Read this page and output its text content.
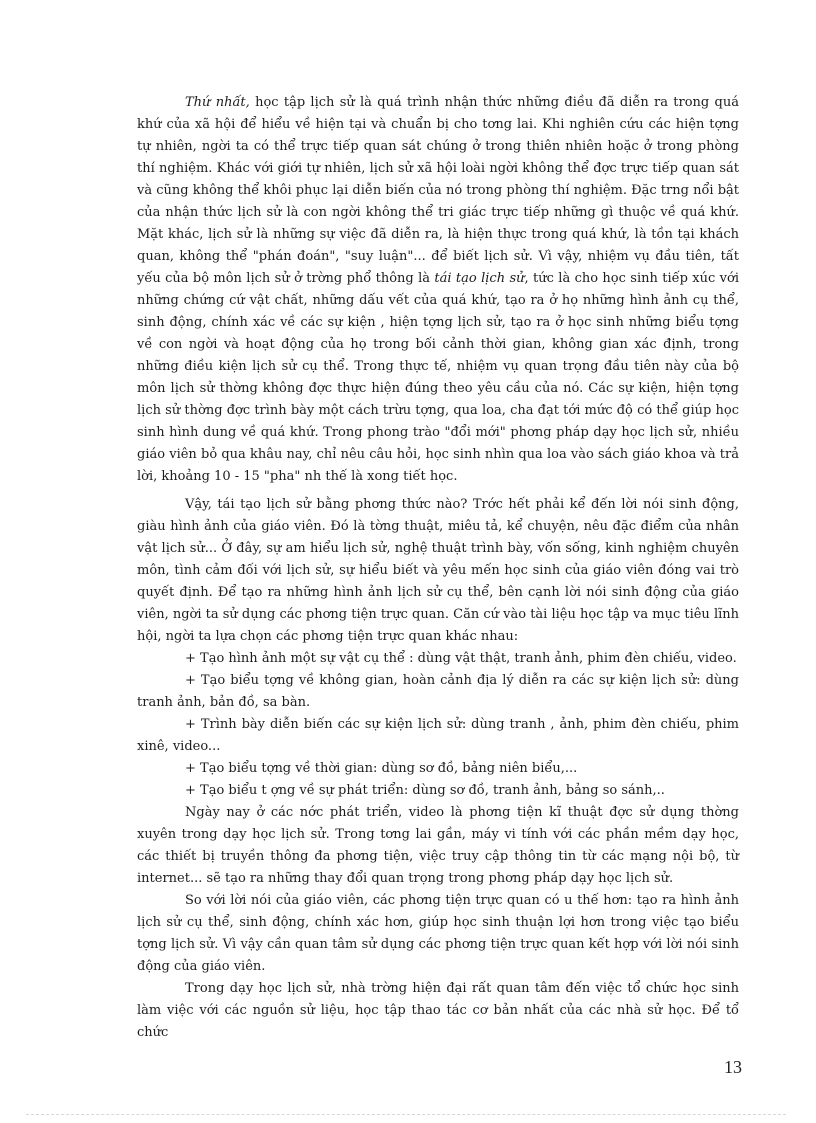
Thứ nhất, học tập lịch sử là quá trình nhận thức những điều đã diễn ra trong quá khứ của xã hội để hiểu về hiện tại và chuẩn bị cho tơng lai. Khi nghiên cứu các hiện tợng tự nhiên, ngời ta có thể trực tiếp quan sát chúng ở trong thiên nhiên hoặc ở trong phòng thí nghiệm. Khác với giới tự nhiên, lịch sử xã hội loài ngời không thể đợc trực tiếp quan sát và cũng không thể khôi phục lại diễn biến của nó trong phòng thí nghiệm. Đặc trng nổi bật của nhận thức lịch sử là con ngời không thể tri giác trực tiếp những gì thuộc về quá khứ. Mặt khác, lịch sử là những sự việc đã diễn ra, là hiện thực trong quá khứ, là tồn tại khách quan, không thể "phán đoán", "suy luận"... để biết lịch sử. Vì vậy, nhiệm vụ đầu tiên, tất yếu của bộ môn lịch sử ở trờng phổ thông là tái tạo lịch sử, tức là cho học sinh tiếp xúc với những chứng cứ vật chất, những dấu vết của quá khứ, tạo ra ở họ những hình ảnh cụ thể, sinh động, chính xác về các sự kiện , hiện tợng lịch sử, tạo ra ở học sinh những biểu tợng về con ngời và hoạt động của họ trong bối cảnh thời gian, không gian xác định, trong những điều kiện lịch sử cụ thể. Trong thực tế, nhiệm vụ quan trọng đầu tiên này của bộ môn lịch sử thờng không đợc thực hiện đúng theo yêu cầu của nó. Các sự kiện, hiện tợng lịch sử thờng đợc trình bày một cách trừu tợng, qua loa, cha đạt tới mức độ có thể giúp học sinh hình dung về quá khứ. Trong phong trào "đổi mới" phơng pháp dạy học lịch sử, nhiều giáo viên bỏ qua khâu nay, chỉ nêu câu hỏi, học sinh nhìn qua loa vào sách giáo khoa và trả lời, khoảng 10 - 15 "pha" nh thế là xong tiết học.

Vậy, tái tạo lịch sử bằng phơng thức nào? Trớc hết phải kể đến lời nói sinh động, giàu hình ảnh của giáo viên. Đó là tờng thuật, miêu tả, kể chuyện, nêu đặc điểm của nhân vật lịch sử... Ở đây, sự am hiểu lịch sử, nghệ thuật trình bày, vốn sống, kinh nghiệm chuyên môn, tình cảm đối với lịch sử, sự hiểu biết và yêu mến học sinh của giáo viên đóng vai trò quyết định. Để tạo ra những hình ảnh lịch sử cụ thể, bên cạnh lời nói sinh động của giáo viên, ngời ta sử dụng các phơng tiện trực quan. Căn cứ vào tài liệu học tập va mục tiêu lĩnh hội, ngời ta lựa chọn các phơng tiện trực quan khác nhau:

+ Tạo hình ảnh một sự vật cụ thể : dùng vật thật, tranh ảnh, phim đèn chiếu, video.

+ Tạo biểu tợng về không gian, hoàn cảnh địa lý diễn ra các sự kiện lịch sử: dùng tranh ảnh, bản đồ, sa bàn.

+ Trình bày diễn biến các sự kiện lịch sử: dùng tranh , ảnh, phim đèn chiếu, phim xinê, video...

+ Tạo biểu tợng về thời gian: dùng sơ đồ, bảng niên biểu,...

+ Tạo biểu t ợng về sự phát triển: dùng sơ đồ, tranh ảnh, bảng so sánh,..

Ngày nay ở các nớc phát triển, video là phơng tiện kĩ thuật đợc sử dụng thờng xuyên trong dạy học lịch sử. Trong tơng lai gần, máy vi tính với các phần mềm dạy học, các thiết bị truyền thông đa phơng tiện, việc truy cập thông tin từ các mạng nội bộ, từ internet... sẽ tạo ra những thay đổi quan trọng trong phơng pháp dạy học lịch sử.

So với lời nói của giáo viên, các phơng tiện trực quan có u thế hơn: tạo ra hình ảnh lịch sử cụ thể, sinh động, chính xác hơn, giúp học sinh thuận lợi hơn trong việc tạo biểu tợng lịch sử. Vì vậy cần quan tâm sử dụng các phơng tiện trực quan kết hợp với lời nói sinh động của giáo viên.

Trong dạy học lịch sử, nhà trờng hiện đại rất quan tâm đến việc tổ chức học sinh làm việc với các nguồn sử liệu, học tập thao tác cơ bản nhất của các nhà sử học. Để tổ chức

13
